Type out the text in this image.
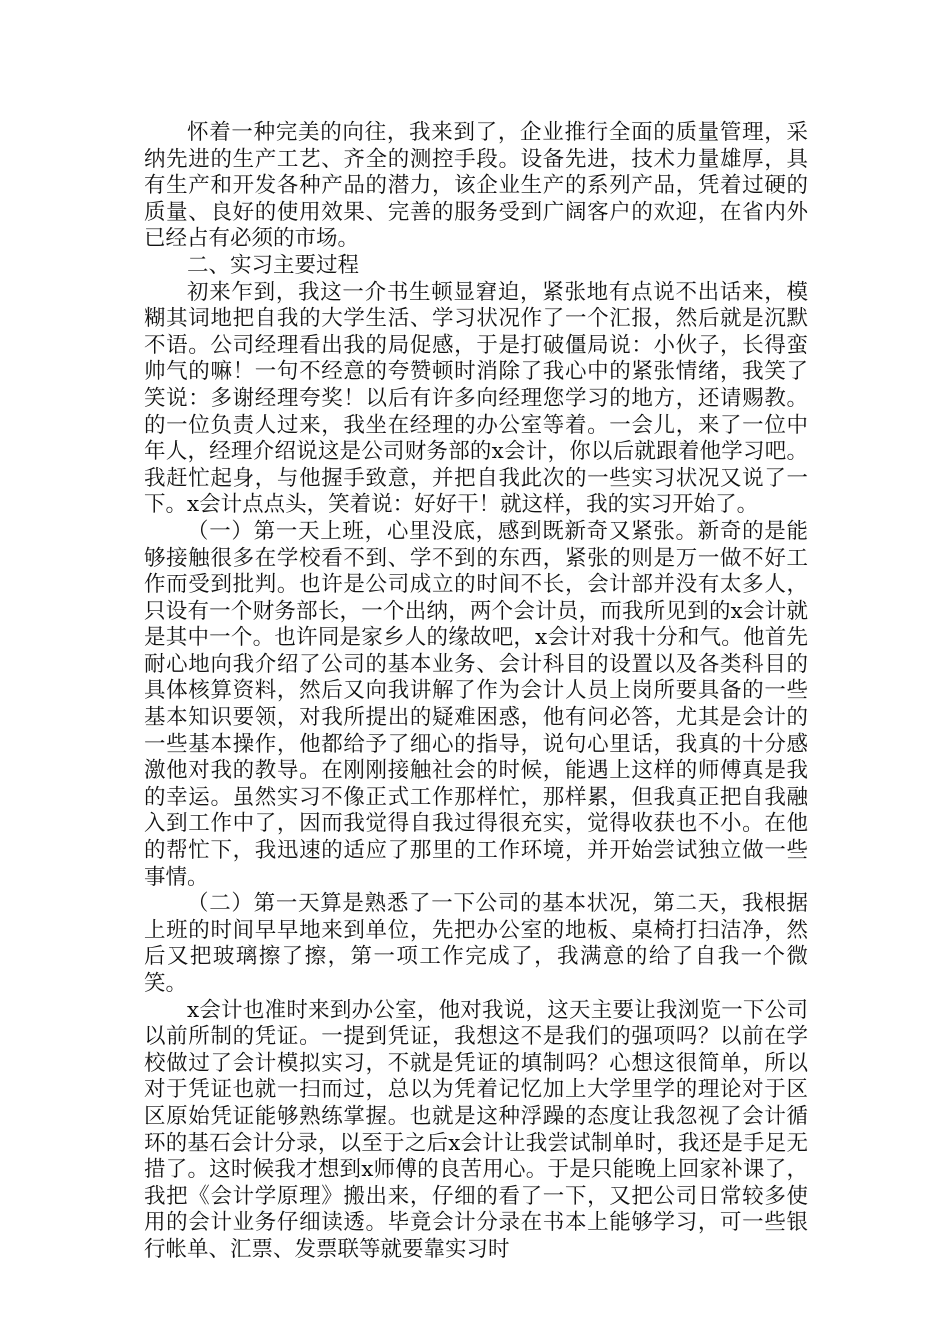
怀着一种完美的向往，我来到了，企业推行全面的质量管理，采纳先进的生产工艺、齐全的测控手段。设备先进，技术力量雄厚，具有生产和开发各种产品的潜力，该企业生产的系列产品，凭着过硬的质量、良好的使用效果、完善的服务受到广阔客户的欢迎，在省内外已经占有必须的市场。

二、实习主要过程

初来乍到，我这一介书生顿显窘迫，紧张地有点说不出话来，模糊其词地把自我的大学生活、学习状况作了一个汇报，然后就是沉默不语。公司经理看出我的局促感，于是打破僵局说：小伙子，长得蛮帅气的嘛！一句不经意的夸赞顿时消除了我心中的紧张情绪，我笑了笑说：多谢经理夸奖！以后有许多向经理您学习的地方，还请赐教。的一位负责人过来，我坐在经理的办公室等着。一会儿，来了一位中年人，经理介绍说这是公司财务部的x会计，你以后就跟着他学习吧。我赶忙起身，与他握手致意，并把自我此次的一些实习状况又说了一下。x会计点点头，笑着说：好好干！就这样，我的实习开始了。

（一）第一天上班，心里没底，感到既新奇又紧张。新奇的是能够接触很多在学校看不到、学不到的东西，紧张的则是万一做不好工作而受到批判。也许是公司成立的时间不长，会计部并没有太多人，只设有一个财务部长，一个出纳，两个会计员，而我所见到的x会计就是其中一个。也许同是家乡人的缘故吧，x会计对我十分和气。他首先耐心地向我介绍了公司的基本业务、会计科目的设置以及各类科目的具体核算资料，然后又向我讲解了作为会计人员上岗所要具备的一些基本知识要领，对我所提出的疑难困惑，他有问必答，尤其是会计的一些基本操作，他都给予了细心的指导，说句心里话，我真的十分感激他对我的教导。在刚刚接触社会的时候，能遇上这样的师傅真是我的幸运。虽然实习不像正式工作那样忙，那样累，但我真正把自我融入到工作中了，因而我觉得自我过得很充实，觉得收获也不小。在他的帮忙下，我迅速的适应了那里的工作环境，并开始尝试独立做一些事情。

（二）第一天算是熟悉了一下公司的基本状况，第二天，我根据上班的时间早早地来到单位，先把办公室的地板、桌椅打扫洁净，然后又把玻璃擦了擦，第一项工作完成了，我满意的给了自我一个微笑。

x会计也准时来到办公室，他对我说，这天主要让我浏览一下公司以前所制的凭证。一提到凭证，我想这不是我们的强项吗？以前在学校做过了会计模拟实习，不就是凭证的填制吗？心想这很简单，所以对于凭证也就一扫而过，总以为凭着记忆加上大学里学的理论对于区区原始凭证能够熟练掌握。也就是这种浮躁的态度让我忽视了会计循环的基石会计分录，以至于之后x会计让我尝试制单时，我还是手足无措了。这时候我才想到x师傅的良苦用心。于是只能晚上回家补课了，我把《会计学原理》搬出来，仔细的看了一下，又把公司日常较多使用的会计业务仔细读透。毕竟会计分录在书本上能够学习，可一些银行帐单、汇票、发票联等就要靠实习时
